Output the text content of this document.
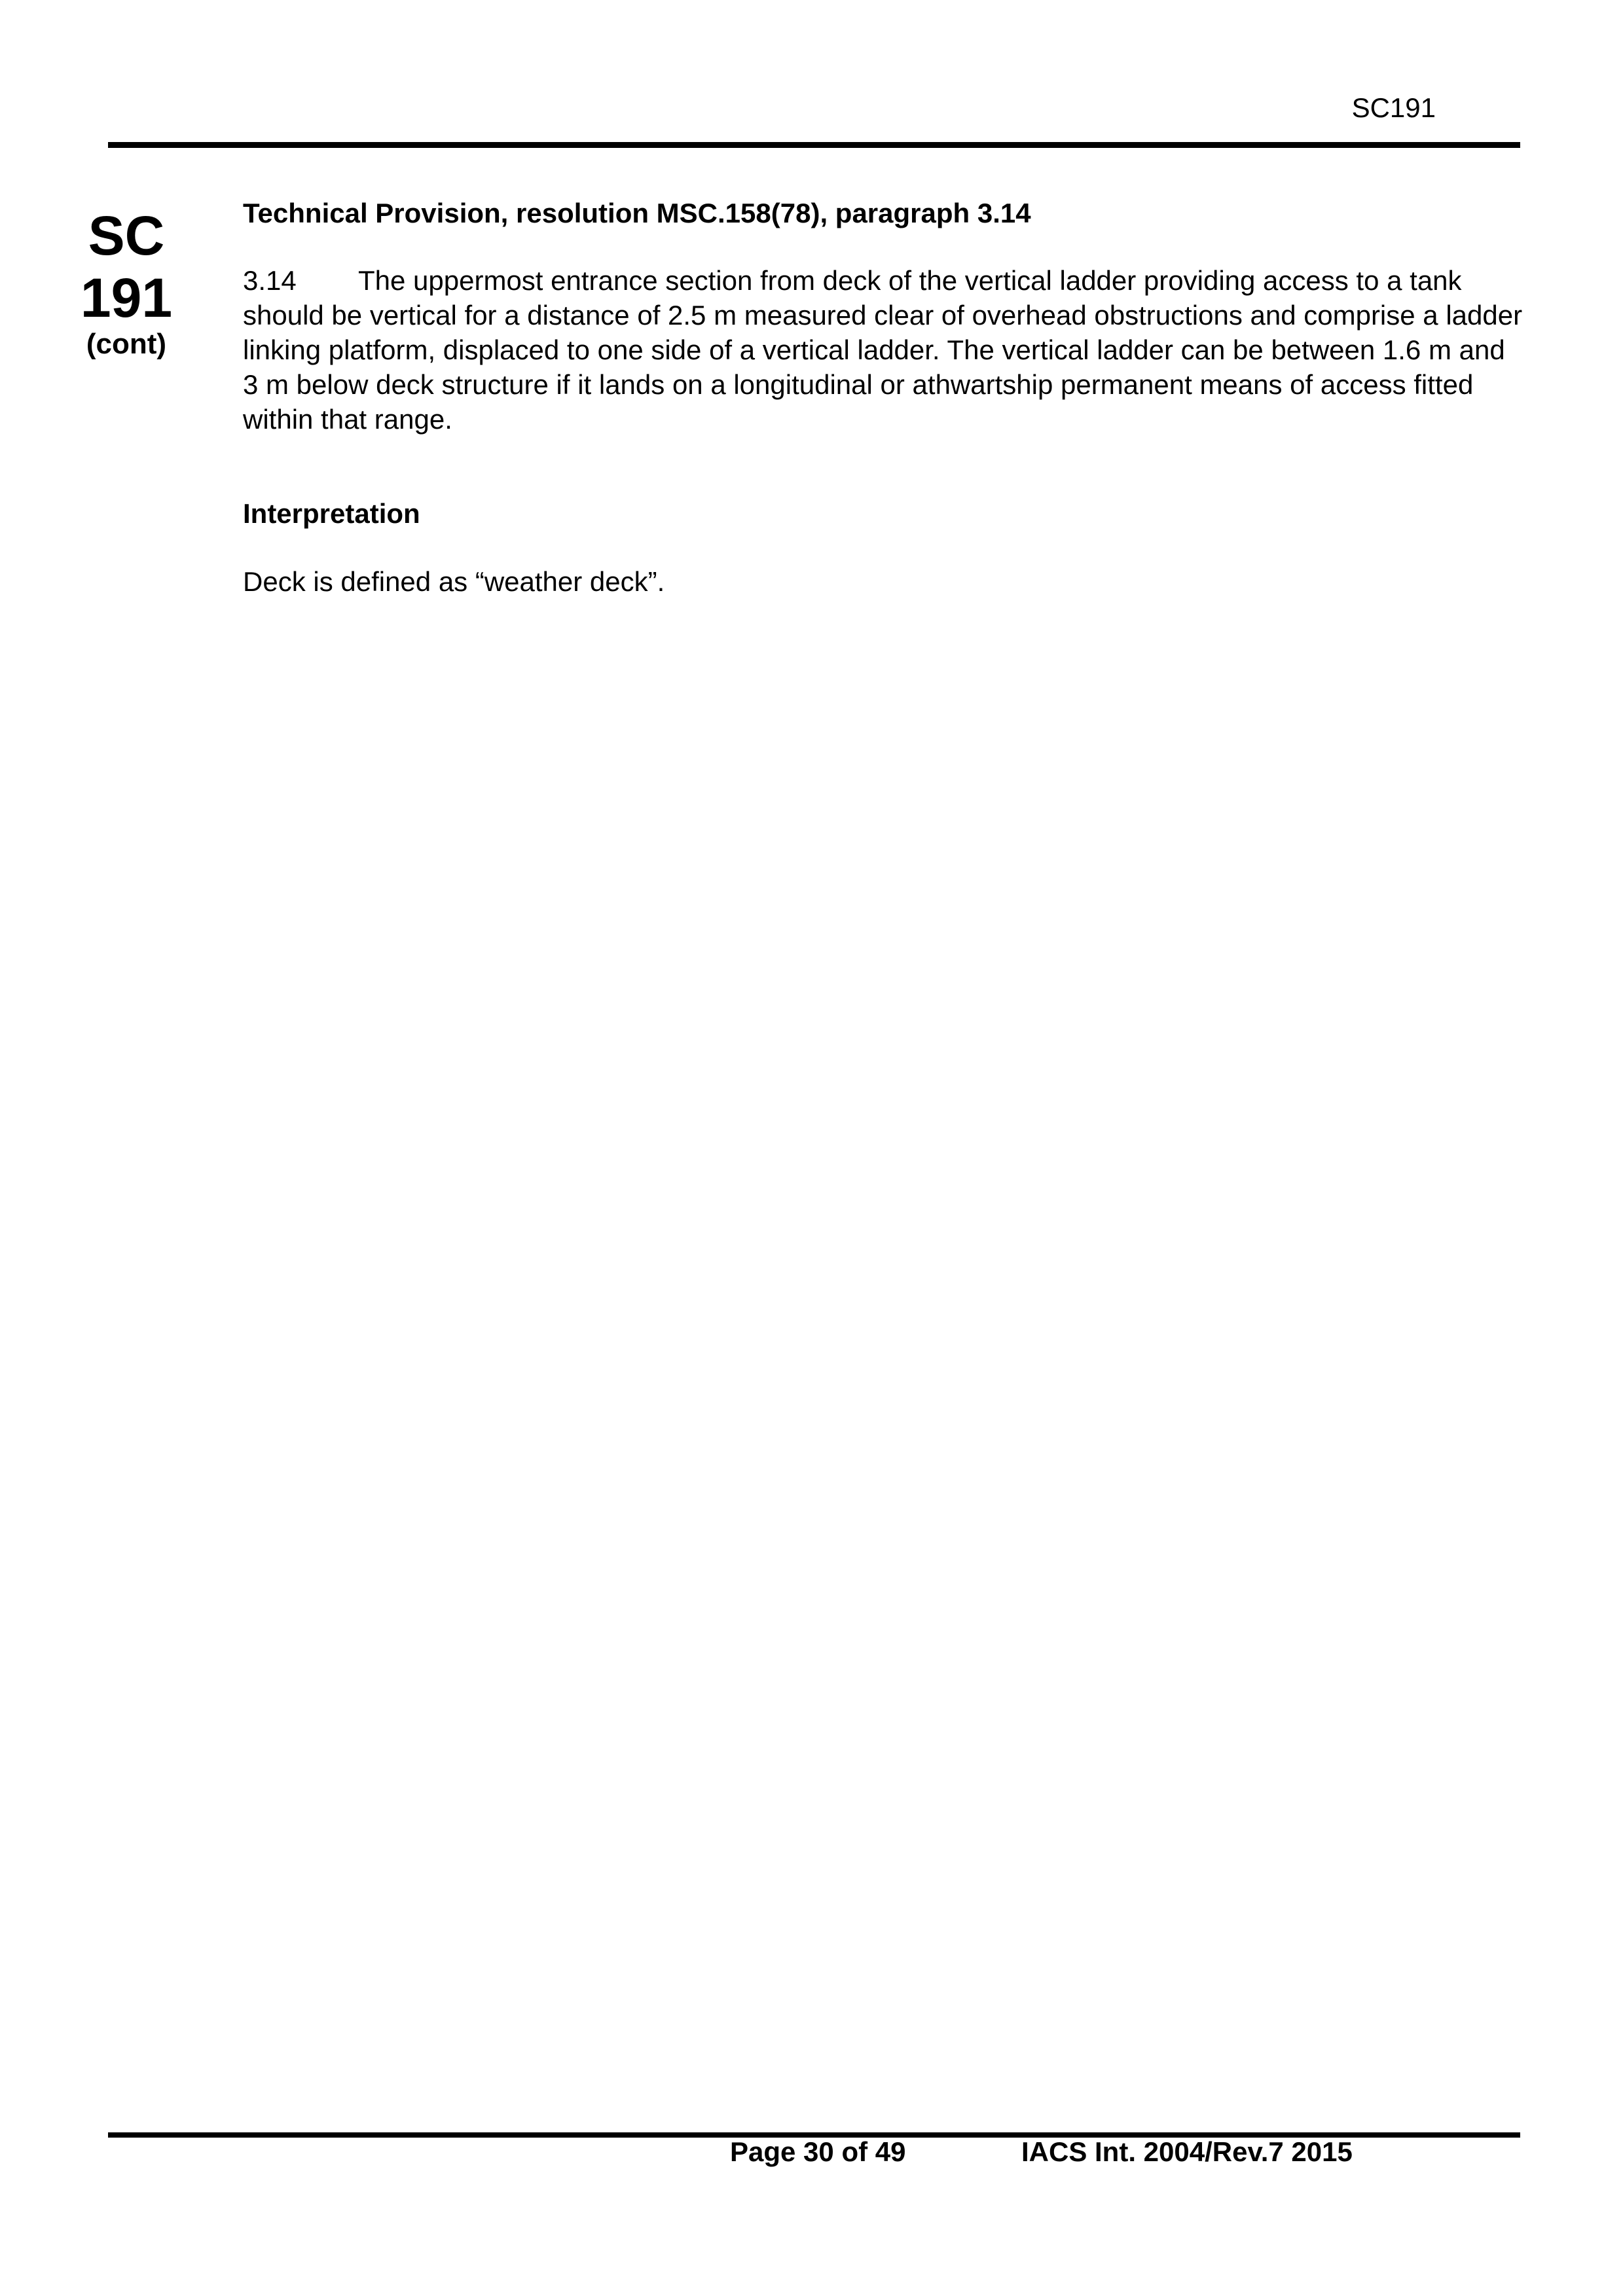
SC191
SC
191
(cont)
Technical Provision, resolution MSC.158(78), paragraph 3.14
3.14 The uppermost entrance section from deck of the vertical ladder providing access to a tank should be vertical for a distance of 2.5 m measured clear of overhead obstructions and comprise a ladder linking platform, displaced to one side of a vertical ladder. The vertical ladder can be between 1.6 m and 3 m below deck structure if it lands on a longitudinal or athwartship permanent means of access fitted within that range.
Interpretation
Deck is defined as “weather deck”.
Page 30 of 49	IACS Int. 2004/Rev.7 2015
